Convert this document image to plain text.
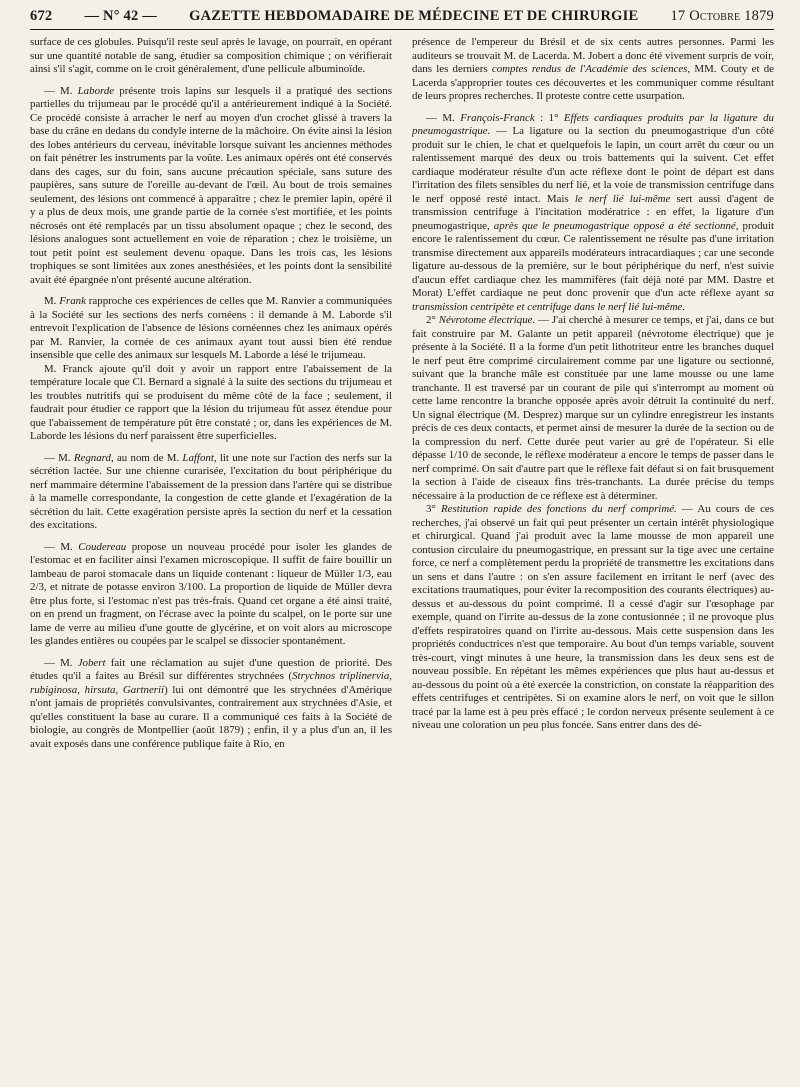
672 — N° 42 — GAZETTE HEBDOMADAIRE DE MÉDECINE ET DE CHIRURGIE 17 Octobre 1879

surface de ces globules. Puisqu'il reste seul après le lavage, on pourrait, en opérant sur une quantité notable de sang, étudier sa composition chimique ; on vérifierait ainsi s'il s'agit, comme on le croit généralement, d'une pellicule albuminoïde.

— M. Laborde présente trois lapins sur lesquels il a pratiqué des sections partielles du trijumeau par le procédé qu'il a antérieurement indiqué à la Société. Ce procédé consiste à arracher le nerf au moyen d'un crochet glissé à travers la base du crâne en dedans du condyle interne de la mâchoire. On évite ainsi la lésion des lobes antérieurs du cerveau, inévitable lorsque suivant les anciennes méthodes on fait pénétrer les instruments par la voûte. Les animaux opérés ont été conservés dans des cages, sur du foin, sans aucune précaution spéciale, sans suture des paupières, sans suture de l'oreille au-devant de l'œil. Au bout de trois semaines seulement, des lésions ont commencé à apparaître ; chez le premier lapin, opéré il y a plus de deux mois, une grande partie de la cornée s'est mortifiée, et les points nécrosés ont été remplacés par un tissu absolument opaque ; chez le second, des lésions analogues sont actuellement en voie de réparation ; chez le troisième, un tout petit point est seulement devenu opaque. Dans les trois cas, les lésions trophiques se sont limitées aux zones anesthésiées, et les points dont la sensibilité avait été épargnée n'ont présenté aucune altération.

M. Frank rapproche ces expériences de celles que M. Ranvier a communiquées à la Société sur les sections des nerfs cornéens : il demande à M. Laborde s'il entrevoit l'explication de l'absence de lésions cornéennes chez les animaux opérés par M. Ranvier, la cornée de ces animaux ayant tout aussi bien été rendue insensible que celle des animaux sur lesquels M. Laborde a lésé le trijumeau.

M. Franck ajoute qu'il doit y avoir un rapport entre l'abaissement de la température locale que Cl. Bernard a signalé à la suite des sections du trijumeau et les troubles nutritifs qui se produisent du même côté de la face ; seulement, il faudrait pour étudier ce rapport que la lésion du trijumeau fût assez étendue pour que l'abaissement de température pût être constaté ; or, dans les expériences de M. Laborde les lésions du nerf paraissent être superficielles.

— M. Regnard, au nom de M. Laffont, lit une note sur l'action des nerfs sur la sécrétion lactée. Sur une chienne curarisée, l'excitation du bout périphérique du nerf mammaire détermine l'abaissement de la pression dans l'artère qui se distribue à la mamelle correspondante, la congestion de cette glande et l'exagération de la sécrétion du lait. Cette exagération persiste après la section du nerf et la cessation des excitations.

— M. Coudereau propose un nouveau procédé pour isoler les glandes de l'estomac et en faciliter ainsi l'examen microscopique. Il suffit de faire bouillir un lambeau de paroi stomacale dans un liquide contenant : liqueur de Müller 1/3, eau 2/3, et nitrate de potasse environ 3/100. La proportion de liquide de Müller devra être plus forte, si l'estomac n'est pas très-frais. Quand cet organe a été ainsi traité, on en prend un fragment, on l'écrase avec la pointe du scalpel, on le porte sur une lame de verre au milieu d'une goutte de glycérine, et on voit alors au microscope les glandes entières ou coupées par le scalpel se dissocier spontanément.

— M. Jobert fait une réclamation au sujet d'une question de priorité. Des études qu'il a faites au Brésil sur différentes strychnées (Strychnos triplinervia, rubiginosa, hirsuta, Gartnerii) lui ont démontré que les strychnées d'Amérique n'ont jamais de propriétés convulsivantes, contrairement aux strychnées d'Asie, et qu'elles constituent la base au curare. Il a communiqué ces faits à la Société de biologie, au congrès de Montpellier (août 1879) ; enfin, il y a plus d'un an, il les avait exposés dans une conférence publique faite à Rio, en

présence de l'empereur du Brésil et de six cents autres personnes. Parmi les auditeurs se trouvait M. de Lacerda. M. Jobert a donc été vivement surpris de voir, dans les derniers comptes rendus de l'Académie des sciences, MM. Couty et de Lacerda s'approprier toutes ces découvertes et les communiquer comme résultant de leurs propres recherches. Il proteste contre cette usurpation.

— M. François-Franck : 1° Effets cardiaques produits par la ligature du pneumogastrique. — La ligature ou la section du pneumogastrique d'un côté produit sur le chien, le chat et quelquefois le lapin, un court arrêt du cœur ou un ralentissement marqué des deux ou trois battements qui la suivent. Cet effet cardiaque modérateur résulte d'un acte réflexe dont le point de départ est dans l'irritation des filets sensibles du nerf lié, et la voie de transmission centrifuge dans le nerf opposé resté intact. Mais le nerf lié lui-même sert aussi d'agent de transmission centrifuge à l'incitation modératrice : en effet, la ligature d'un pneumogastrique, après que le pneumogastrique opposé a été sectionné, produit encore le ralentissement du cœur. Ce ralentissement ne résulte pas d'une irritation transmise directement aux appareils modérateurs intracardiaques ; car une seconde ligature au-dessous de la première, sur le bout périphérique du nerf, n'est suivie d'aucun effet cardiaque chez les mammifères (fait déjà noté par MM. Dastre et Morat) L'effet cardiaque ne peut donc provenir que d'un acte réflexe ayant sa transmission centripète et centrifuge dans le nerf lié lui-même.

2° Névrotome électrique. — J'ai cherché à mesurer ce temps, et j'ai, dans ce but fait construire par M. Galante un petit appareil (névrotome électrique) que je présente à la Société. Il a la forme d'un petit lithotriteur entre les branches duquel le nerf peut être comprimé circulairement comme par une ligature ou sectionné, suivant que la branche mâle est constituée par une lame mousse ou une lame tranchante. Il est traversé par un courant de pile qui s'interrompt au moment où cette lame rencontre la branche opposée après avoir détruit la continuité du nerf. Un signal électrique (M. Desprez) marque sur un cylindre enregistreur les instants précis de ces deux contacts, et permet ainsi de mesurer la durée de la section ou de la compression du nerf. Cette durée peut varier au gré de l'opérateur. Si elle dépasse 1/10 de seconde, le réflexe modérateur a encore le temps de passer dans le nerf comprimé. On sait d'autre part que le réflexe fait défaut si on fait brusquement la section à l'aide de ciseaux fins très-tranchants. La durée précise du temps nécessaire à la production de ce réflexe est à déterminer.

3° Restitution rapide des fonctions du nerf comprimé. — Au cours de ces recherches, j'ai observé un fait qui peut présenter un certain intérêt physiologique et chirurgical. Quand j'ai produit avec la lame mousse de mon appareil une contusion circulaire du pneumogastrique, en pressant sur la tige avec une certaine force, ce nerf a complètement perdu la propriété de transmettre les excitations dans un sens et dans l'autre : on s'en assure facilement en irritant le nerf (avec des excitations traumatiques, pour éviter la recomposition des courants électriques) au-dessus et au-dessous du point comprimé. Il a cessé d'agir sur l'œsophage par exemple, quand on l'irrite au-dessus de la zone contusionnée ; il ne provoque plus d'effets respiratoires quand on l'irrite au-dessous. Mais cette suspension dans les propriétés conductrices n'est que temporaire. Au bout d'un temps variable, souvent très-court, vingt minutes à une heure, la transmission dans les deux sens est de nouveau possible. En répétant les mêmes expériences que plus haut au-dessus et au-dessous du point où a été exercée la constriction, on constate la réapparition des effets centrifuges et centripètes. Si on examine alors le nerf, on voit que le sillon tracé par la lame est à peu près effacé ; le cordon nerveux présente seulement à ce niveau une coloration un peu plus foncée. Sans entrer dans des dé-
